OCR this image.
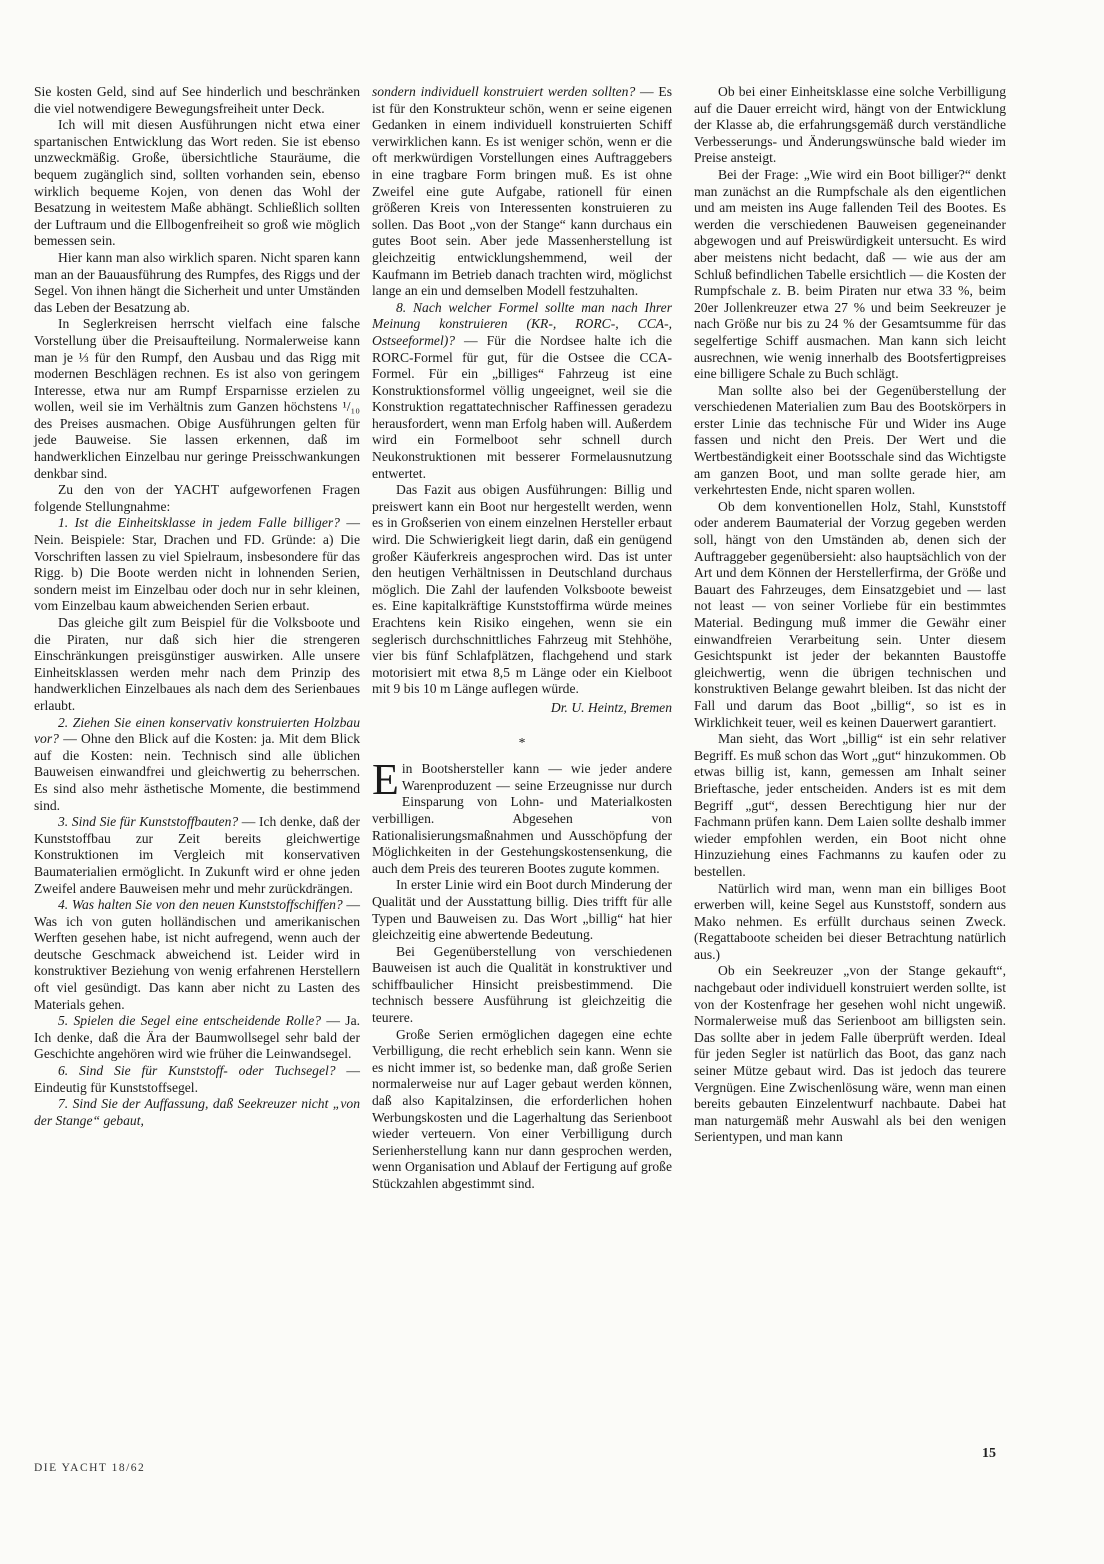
Sie kosten Geld, sind auf See hinderlich und beschränken die viel notwendigere Bewegungsfreiheit unter Deck.

Ich will mit diesen Ausführungen nicht etwa einer spartanischen Entwicklung das Wort reden. Sie ist ebenso unzweckmäßig. Große, übersichtliche Stauräume, die bequem zugänglich sind, sollten vorhanden sein, ebenso wirklich bequeme Kojen, von denen das Wohl der Besatzung in weitestem Maße abhängt. Schließlich sollten der Luftraum und die Ellbogenfreiheit so groß wie möglich bemessen sein.

Hier kann man also wirklich sparen. Nicht sparen kann man an der Bauausführung des Rumpfes, des Riggs und der Segel. Von ihnen hängt die Sicherheit und unter Umständen das Leben der Besatzung ab.

In Seglerkreisen herrscht vielfach eine falsche Vorstellung über die Preisaufteilung. Normalerweise kann man je ⅓ für den Rumpf, den Ausbau und das Rigg mit modernen Beschlägen rechnen. Es ist also von geringem Interesse, etwa nur am Rumpf Ersparnisse erzielen zu wollen, weil sie im Verhältnis zum Ganzen höchstens ¹/₁₀ des Preises ausmachen. Obige Ausführungen gelten für jede Bauweise. Sie lassen erkennen, daß im handwerklichen Einzelbau nur geringe Preisschwankungen denkbar sind.

Zu den von der YACHT aufgeworfenen Fragen folgende Stellungnahme:

1. Ist die Einheitsklasse in jedem Falle billiger? — Nein. Beispiele: Star, Drachen und FD. Gründe: a) Die Vorschriften lassen zu viel Spielraum, insbesondere für das Rigg. b) Die Boote werden nicht in lohnenden Serien, sondern meist im Einzelbau oder doch nur in sehr kleinen, vom Einzelbau kaum abweichenden Serien erbaut.

Das gleiche gilt zum Beispiel für die Volksboote und die Piraten, nur daß sich hier die strengeren Einschränkungen preisgünstiger auswirken. Alle unsere Einheitsklassen werden mehr nach dem Prinzip des handwerklichen Einzelbaues als nach dem des Serienbaues erlaubt.

2. Ziehen Sie einen konservativ konstruierten Holzbau vor? — Ohne den Blick auf die Kosten: ja. Mit dem Blick auf die Kosten: nein. Technisch sind alle üblichen Bauweisen einwandfrei und gleichwertig zu beherrschen. Es sind also mehr ästhetische Momente, die bestimmend sind.

3. Sind Sie für Kunststoffbauten? — Ich denke, daß der Kunststoffbau zur Zeit bereits gleichwertige Konstruktionen im Vergleich mit konservativen Baumaterialien ermöglicht. In Zukunft wird er ohne jeden Zweifel andere Bauweisen mehr und mehr zurückdrängen.

4. Was halten Sie von den neuen Kunststoffschiffen? — Was ich von guten holländischen und amerikanischen Werften gesehen habe, ist nicht aufregend, wenn auch der deutsche Geschmack abweichend ist. Leider wird in konstruktiver Beziehung von wenig erfahrenen Herstellern oft viel gesündigt. Das kann aber nicht zu Lasten des Materials gehen.

5. Spielen die Segel eine entscheidende Rolle? — Ja. Ich denke, daß die Ära der Baumwollsegel sehr bald der Geschichte angehören wird wie früher die Leinwandsegel.

6. Sind Sie für Kunststoff- oder Tuchsegel? — Eindeutig für Kunststoffsegel.

7. Sind Sie der Auffassung, daß Seekreuzer nicht „von der Stange“ gebaut,

sondern individuell konstruiert werden sollten? — Es ist für den Konstrukteur schön, wenn er seine eigenen Gedanken in einem individuell konstruierten Schiff verwirklichen kann. Es ist weniger schön, wenn er die oft merkwürdigen Vorstellungen eines Auftraggebers in eine tragbare Form bringen muß. Es ist ohne Zweifel eine gute Aufgabe, rationell für einen größeren Kreis von Interessenten konstruieren zu sollen. Das Boot „von der Stange“ kann durchaus ein gutes Boot sein. Aber jede Massenherstellung ist gleichzeitig entwicklungshemmend, weil der Kaufmann im Betrieb danach trachten wird, möglichst lange an ein und demselben Modell festzuhalten.

8. Nach welcher Formel sollte man nach Ihrer Meinung konstruieren (KR-, RORC-, CCA-, Ostseeformel)? — Für die Nordsee halte ich die RORC-Formel für gut, für die Ostsee die CCA-Formel. Für ein „billiges“ Fahrzeug ist eine Konstruktionsformel völlig ungeeignet, weil sie die Konstruktion regattatechnischer Raffinessen geradezu herausfordert, wenn man Erfolg haben will. Außerdem wird ein Formelboot sehr schnell durch Neukonstruktionen mit besserer Formelausnutzung entwertet.

Das Fazit aus obigen Ausführungen: Billig und preiswert kann ein Boot nur hergestellt werden, wenn es in Großserien von einem einzelnen Hersteller erbaut wird. Die Schwierigkeit liegt darin, daß ein genügend großer Käuferkreis angesprochen wird. Das ist unter den heutigen Verhältnissen in Deutschland durchaus möglich. Die Zahl der laufenden Volksboote beweist es. Eine kapitalkräftige Kunststoffirma würde meines Erachtens kein Risiko eingehen, wenn sie ein seglerisch durchschnittliches Fahrzeug mit Stehhöhe, vier bis fünf Schlafplätzen, flachgehend und stark motorisiert mit etwa 8,5 m Länge oder ein Kielboot mit 9 bis 10 m Länge auflegen würde.

Dr. U. Heintz, Bremen

*

Ein Bootshersteller kann — wie jeder andere Warenproduzent — seine Erzeugnisse nur durch Einsparung von Lohn- und Materialkosten verbilligen. Abgesehen von Rationalisierungsmaßnahmen und Ausschöpfung der Möglichkeiten in der Gestehungskostensenkung, die auch dem Preis des teureren Bootes zugute kommen.

In erster Linie wird ein Boot durch Minderung der Qualität und der Ausstattung billig. Dies trifft für alle Typen und Bauweisen zu. Das Wort „billig“ hat hier gleichzeitig eine abwertende Bedeutung.

Bei Gegenüberstellung von verschiedenen Bauweisen ist auch die Qualität in konstruktiver und schiffbaulicher Hinsicht preisbestimmend. Die technisch bessere Ausführung ist gleichzeitig die teurere.

Große Serien ermöglichen dagegen eine echte Verbilligung, die recht erheblich sein kann. Wenn sie es nicht immer ist, so bedenke man, daß große Serien normalerweise nur auf Lager gebaut werden können, daß also Kapitalzinsen, die erforderlichen hohen Werbungskosten und die Lagerhaltung das Serienboot wieder verteuern. Von einer Verbilligung durch Serienherstellung kann nur dann gesprochen werden, wenn Organisation und Ablauf der Fertigung auf große Stückzahlen abgestimmt sind.

Ob bei einer Einheitsklasse eine solche Verbilligung auf die Dauer erreicht wird, hängt von der Entwicklung der Klasse ab, die erfahrungsgemäß durch verständliche Verbesserungs- und Änderungswünsche bald wieder im Preise ansteigt.

Bei der Frage: „Wie wird ein Boot billiger?“ denkt man zunächst an die Rumpfschale als den eigentlichen und am meisten ins Auge fallenden Teil des Bootes. Es werden die verschiedenen Bauweisen gegeneinander abgewogen und auf Preiswürdigkeit untersucht. Es wird aber meistens nicht bedacht, daß — wie aus der am Schluß befindlichen Tabelle ersichtlich — die Kosten der Rumpfschale z. B. beim Piraten nur etwa 33 %, beim 20er Jollenkreuzer etwa 27 % und beim Seekreuzer je nach Größe nur bis zu 24 % der Gesamtsumme für das segelfertige Schiff ausmachen. Man kann sich leicht ausrechnen, wie wenig innerhalb des Bootsfertigpreises eine billigere Schale zu Buch schlägt.

Man sollte also bei der Gegenüberstellung der verschiedenen Materialien zum Bau des Bootskörpers in erster Linie das technische Für und Wider ins Auge fassen und nicht den Preis. Der Wert und die Wertbeständigkeit einer Bootsschale sind das Wichtigste am ganzen Boot, und man sollte gerade hier, am verkehrtesten Ende, nicht sparen wollen.

Ob dem konventionellen Holz, Stahl, Kunststoff oder anderem Baumaterial der Vorzug gegeben werden soll, hängt von den Umständen ab, denen sich der Auftraggeber gegenübersieht: also hauptsächlich von der Art und dem Können der Herstellerfirma, der Größe und Bauart des Fahrzeuges, dem Einsatzgebiet und — last not least — von seiner Vorliebe für ein bestimmtes Material. Bedingung muß immer die Gewähr einer einwandfreien Verarbeitung sein. Unter diesem Gesichtspunkt ist jeder der bekannten Baustoffe gleichwertig, wenn die übrigen technischen und konstruktiven Belange gewahrt bleiben. Ist das nicht der Fall und darum das Boot „billig“, so ist es in Wirklichkeit teuer, weil es keinen Dauerwert garantiert.

Man sieht, das Wort „billig“ ist ein sehr relativer Begriff. Es muß schon das Wort „gut“ hinzukommen. Ob etwas billig ist, kann, gemessen am Inhalt seiner Brieftasche, jeder entscheiden. Anders ist es mit dem Begriff „gut“, dessen Berechtigung hier nur der Fachmann prüfen kann. Dem Laien sollte deshalb immer wieder empfohlen werden, ein Boot nicht ohne Hinzuziehung eines Fachmanns zu kaufen oder zu bestellen.

Natürlich wird man, wenn man ein billiges Boot erwerben will, keine Segel aus Kunststoff, sondern aus Mako nehmen. Es erfüllt durchaus seinen Zweck. (Regattaboote scheiden bei dieser Betrachtung natürlich aus.)

Ob ein Seekreuzer „von der Stange gekauft“, nachgebaut oder individuell konstruiert werden sollte, ist von der Kostenfrage her gesehen wohl nicht ungewiß. Normalerweise muß das Serienboot am billigsten sein. Das sollte aber in jedem Falle überprüft werden. Ideal für jeden Segler ist natürlich das Boot, das ganz nach seiner Mütze gebaut wird. Das ist jedoch das teurere Vergnügen. Eine Zwischenlösung wäre, wenn man einen bereits gebauten Einzelentwurf nachbaute. Dabei hat man naturgemäß mehr Auswahl als bei den wenigen Serientypen, und man kann

DIE YACHT 18/62
15
